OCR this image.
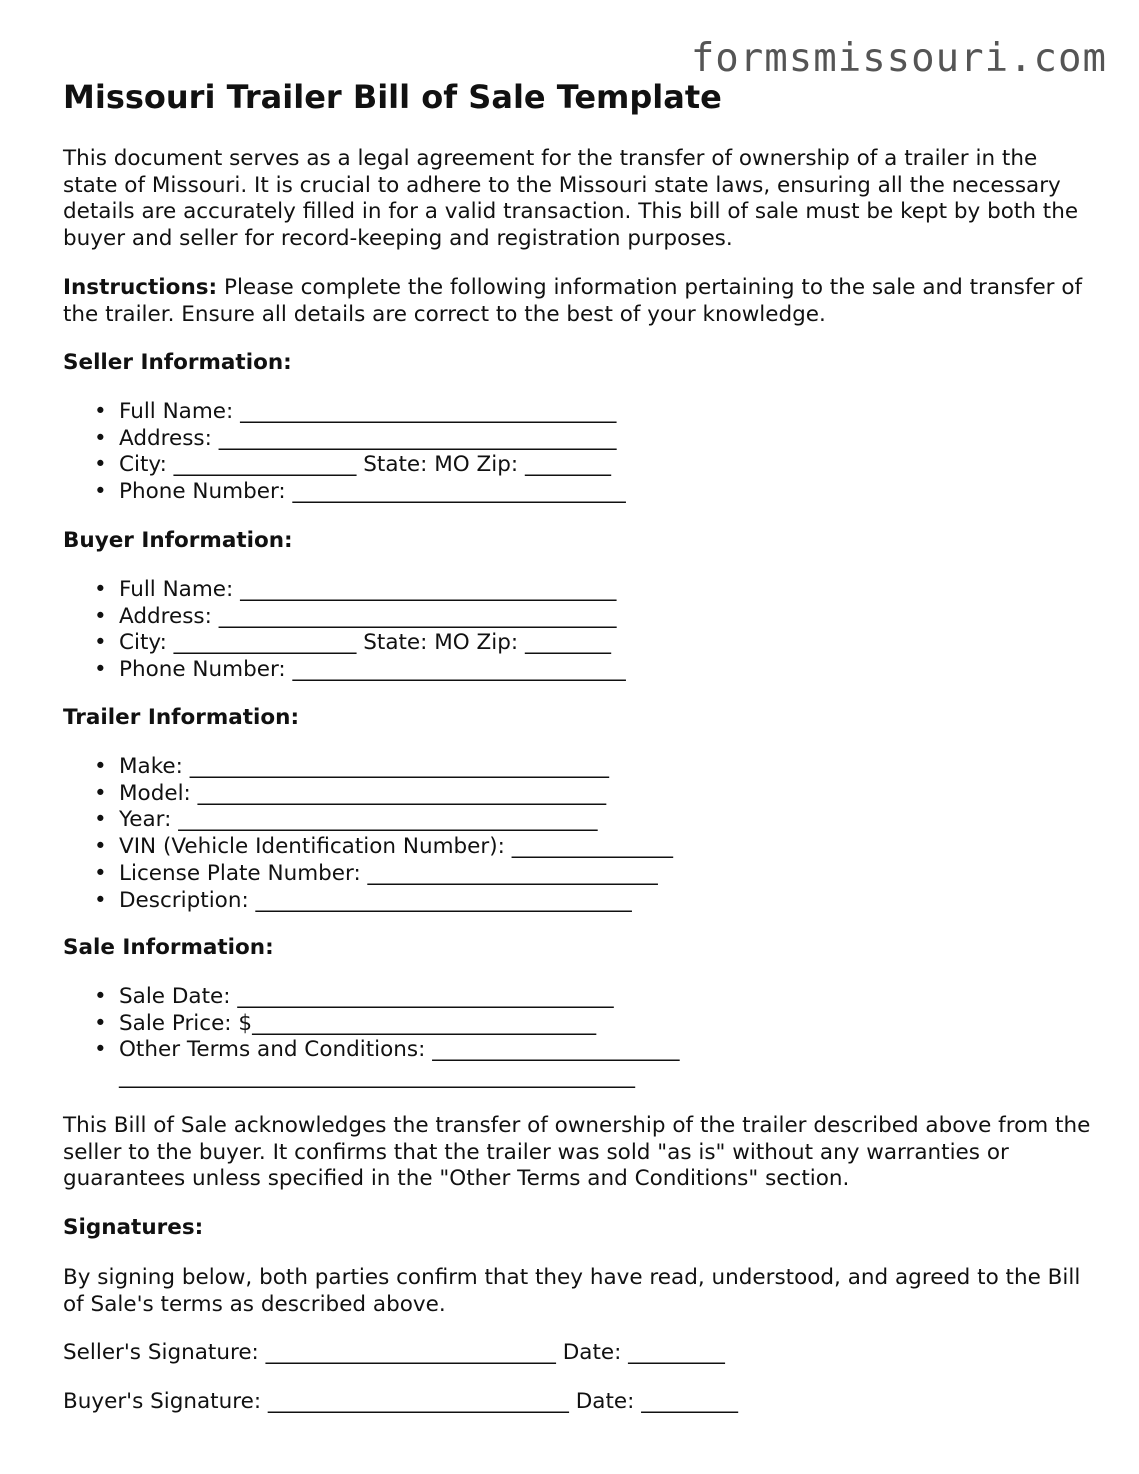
formsmissouri.com

Missouri Trailer Bill of Sale Template

This document serves as a legal agreement for the transfer of ownership of a trailer in the state of Missouri. It is crucial to adhere to the Missouri state laws, ensuring all the necessary details are accurately filled in for a valid transaction. This bill of sale must be kept by both the buyer and seller for record-keeping and registration purposes.

Instructions: Please complete the following information pertaining to the sale and transfer of the trailer. Ensure all details are correct to the best of your knowledge.

Seller Information:

• Full Name: ___________________________________
• Address: _____________________________________
• City: _________________ State: MO Zip: ________
• Phone Number: _______________________________

Buyer Information:

• Full Name: ___________________________________
• Address: _____________________________________
• City: _________________ State: MO Zip: ________
• Phone Number: _______________________________

Trailer Information:

• Make: _______________________________________
• Model: ______________________________________
• Year: _______________________________________
• VIN (Vehicle Identification Number): _______________
• License Plate Number: ___________________________
• Description: ___________________________________

Sale Information:

• Sale Date: ___________________________________
• Sale Price: $________________________________
• Other Terms and Conditions: _______________________
________________________________________________

This Bill of Sale acknowledges the transfer of ownership of the trailer described above from the seller to the buyer. It confirms that the trailer was sold "as is" without any warranties or guarantees unless specified in the "Other Terms and Conditions" section.

Signatures:

By signing below, both parties confirm that they have read, understood, and agreed to the Bill of Sale's terms as described above.

Seller's Signature: ___________________________ Date: _________

Buyer's Signature: ____________________________ Date: _________
